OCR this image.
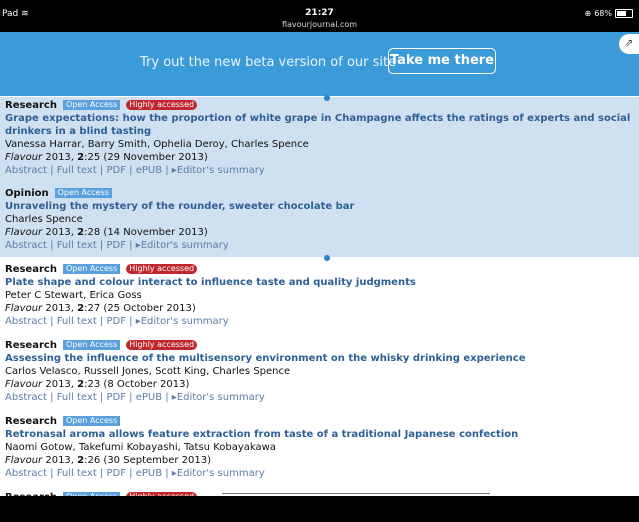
Pad ≋	21:27
flavourjournal.com
⊕ 68%
Try out the new beta version of our site
Take me there
⇗
Research Open Access Highly accessed
Grape expectations: how the proportion of white grape in Champagne affects the ratings of experts and social drinkers in a blind tasting
Vanessa Harrar, Barry Smith, Ophelia Deroy, Charles Spence
Flavour 2013, 2:25 (29 November 2013)
Abstract | Full text | PDF | ePUB | ▸Editor's summary
Opinion Open Access
Unraveling the mystery of the rounder, sweeter chocolate bar
Charles Spence
Flavour 2013, 2:28 (14 November 2013)
Abstract | Full text | PDF | ▸Editor's summary
Research Open Access Highly accessed
Plate shape and colour interact to influence taste and quality judgments
Peter C Stewart, Erica Goss
Flavour 2013, 2:27 (25 October 2013)
Abstract | Full text | PDF | ▸Editor's summary
Research Open Access Highly accessed
Assessing the influence of the multisensory environment on the whisky drinking experience
Carlos Velasco, Russell Jones, Scott King, Charles Spence
Flavour 2013, 2:23 (8 October 2013)
Abstract | Full text | PDF | ePUB | ▸Editor's summary
Research Open Access
Retronasal aroma allows feature extraction from taste of a traditional Japanese confection
Naomi Gotow, Takefumi Kobayashi, Tatsu Kobayakawa
Flavour 2013, 2:26 (30 September 2013)
Abstract | Full text | PDF | ePUB | ▸Editor's summary
